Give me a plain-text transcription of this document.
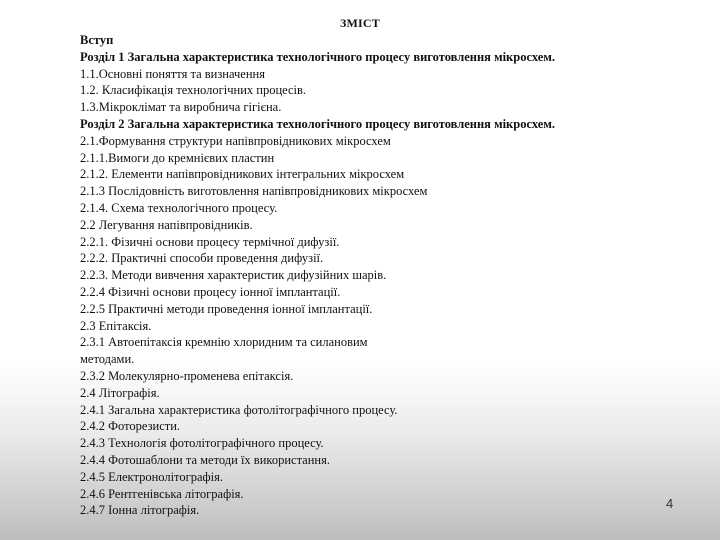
ЗМІСТ
Вступ
Розділ 1 Загальна характеристика технологічного процесу виготовлення мікросхем.
1.1.Основні поняття та визначення
1.2. Класифікація технологічних процесів.
1.3.Мікроклімат та виробнича гігієна.
Розділ 2 Загальна характеристика технологічного процесу виготовлення мікросхем.
2.1.Формування структури напівпровідникових мікросхем
2.1.1.Вимоги до кремнієвих пластин
2.1.2. Елементи напівпровідникових інтегральних мікросхем
2.1.3 Послідовність виготовлення напівпровідникових мікросхем
2.1.4. Схема технологічного процесу.
2.2 Легування напівпровідників.
2.2.1. Фізичні основи процесу термічної дифузії.
2.2.2. Практичні способи проведення дифузії.
2.2.3. Методи вивчення характеристик дифузійних шарів.
2.2.4 Фізичні основи процесу іонної імплантації.
2.2.5 Практичні методи проведення іонної імплантації.
2.3 Епітаксія.
2.3.1 Автоепітаксія кремнію хлоридним та силановим методами.
2.3.2 Молекулярно-променева епітаксія.
2.4 Літографія.
2.4.1 Загальна характеристика фотолітографічного процесу.
2.4.2 Фоторезисти.
2.4.3 Технологія фотолітографічного процесу.
2.4.4 Фотошаблони та методи їх використання.
2.4.5 Електронолітографія.
2.4.6 Рентгенівська літографія.
2.4.7 Іонна літографія.	4
